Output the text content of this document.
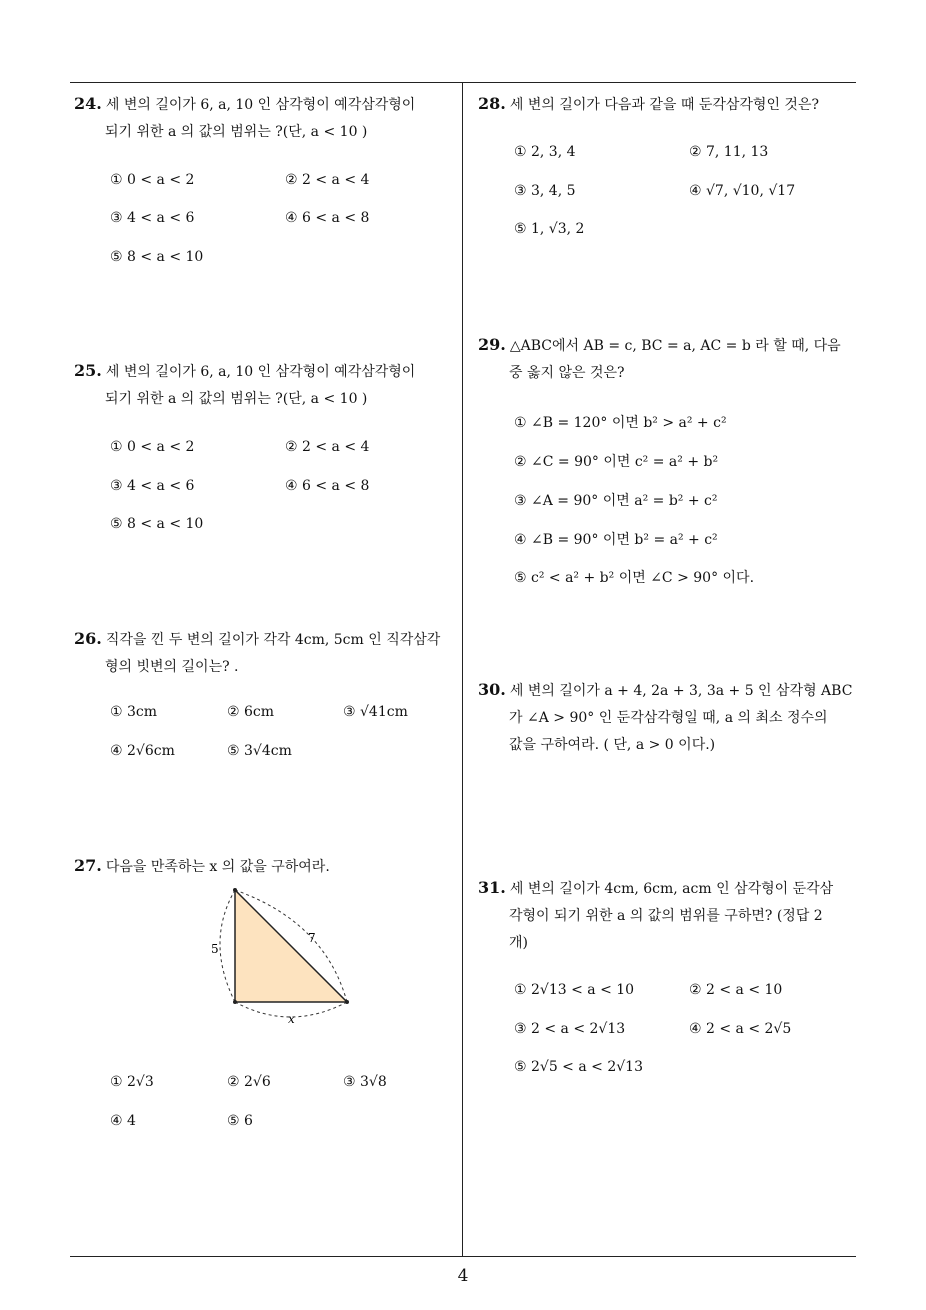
24. 세 변의 길이가 6, a, 10 인 삼각형이 예각삼각형이
되기 위한 a 의 값의 범위는 ?(단, a < 10 )
① 0 < a < 2	② 2 < a < 4
③ 4 < a < 6	④ 6 < a < 8
⑤ 8 < a < 10
25. 세 변의 길이가 6, a, 10 인 삼각형이 예각삼각형이
되기 위한 a 의 값의 범위는 ?(단, a < 10 )
① 0 < a < 2	② 2 < a < 4
③ 4 < a < 6	④ 6 < a < 8
⑤ 8 < a < 10
26. 직각을 낀 두 변의 길이가 각각 4cm, 5cm 인 직각삼각
형의 빗변의 길이는? .
① 3cm	② 6cm	③ √41cm
④ 2√6cm	⑤ 3√4cm
27. 다음을 만족하는 x 의 값을 구하여라.
5
7
x
① 2√3	② 2√6	③ 3√8
④ 4	⑤ 6
28. 세 변의 길이가 다음과 같을 때 둔각삼각형인 것은?
① 2, 3, 4	② 7, 11, 13
③ 3, 4, 5	④ √7, √10, √17
⑤ 1, √3, 2
29. △ABC에서 AB = c, BC = a, AC = b 라 할 때, 다음
중 옳지 않은 것은?
① ∠B = 120° 이면 b² > a² + c²
② ∠C = 90° 이면 c² = a² + b²
③ ∠A = 90° 이면 a² = b² + c²
④ ∠B = 90° 이면 b² = a² + c²
⑤ c² < a² + b² 이면 ∠C > 90° 이다.
30. 세 변의 길이가 a + 4, 2a + 3, 3a + 5 인 삼각형 ABC
가 ∠A > 90° 인 둔각삼각형일 때, a 의 최소 정수의
값을 구하여라. ( 단, a > 0 이다.)
31. 세 변의 길이가 4cm, 6cm, acm 인 삼각형이 둔각삼
각형이 되기 위한 a 의 값의 범위를 구하면? (정답 2
개)
① 2√13 < a < 10	② 2 < a < 10
③ 2 < a < 2√13	④ 2 < a < 2√5
⑤ 2√5 < a < 2√13
4
